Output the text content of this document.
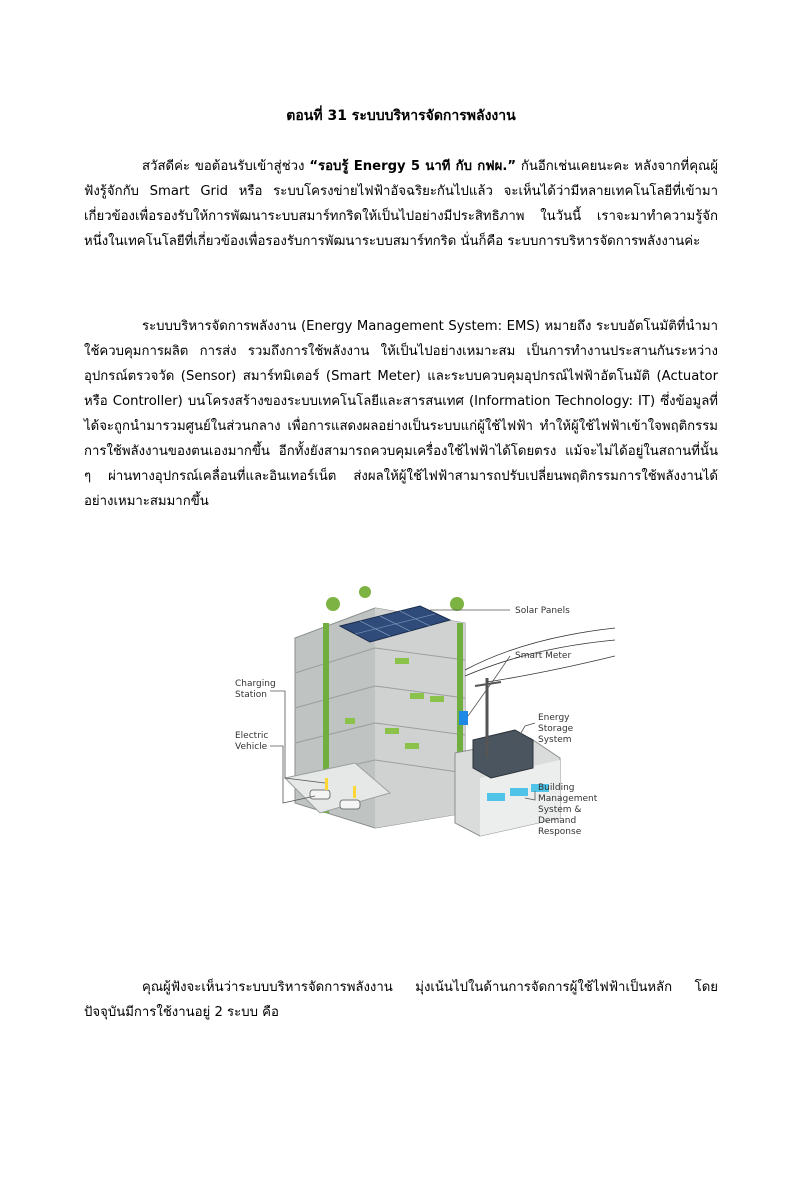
ตอนที่ 31 ระบบบริหารจัดการพลังงาน

สวัสดีค่ะ ขอต้อนรับเข้าสู่ช่วง “รอบรู้ Energy 5 นาที กับ กฟผ.” กันอีกเช่นเคยนะคะ หลังจากที่คุณผู้ฟังรู้จักกับ Smart Grid หรือ ระบบโครงข่ายไฟฟ้าอัจฉริยะกันไปแล้ว จะเห็นได้ว่ามีหลายเทคโนโลยีที่เข้ามาเกี่ยวข้องเพื่อรองรับให้การพัฒนาระบบสมาร์ทกริดให้เป็นไปอย่างมีประสิทธิภาพ ในวันนี้ เราจะมาทำความรู้จักหนึ่งในเทคโนโลยีที่เกี่ยวข้องเพื่อรองรับการพัฒนาระบบสมาร์ทกริด นั่นก็คือ ระบบการบริหารจัดการพลังงานค่ะ

ระบบบริหารจัดการพลังงาน (Energy Management System: EMS) หมายถึง ระบบอัตโนมัติที่นำมาใช้ควบคุมการผลิต การส่ง รวมถึงการใช้พลังงาน ให้เป็นไปอย่างเหมาะสม เป็นการทำงานประสานกันระหว่างอุปกรณ์ตรวจวัด (Sensor) สมาร์ทมิเตอร์ (Smart Meter) และระบบควบคุมอุปกรณ์ไฟฟ้าอัตโนมัติ (Actuator หรือ Controller) บนโครงสร้างของระบบเทคโนโลยีและสารสนเทศ (Information Technology: IT) ซึ่งข้อมูลที่ได้จะถูกนำมารวมศูนย์ในส่วนกลาง เพื่อการแสดงผลอย่างเป็นระบบแก่ผู้ใช้ไฟฟ้า ทำให้ผู้ใช้ไฟฟ้าเข้าใจพฤติกรรมการใช้พลังงานของตนเองมากขึ้น อีกทั้งยังสามารถควบคุมเครื่องใช้ไฟฟ้าได้โดยตรง แม้จะไม่ได้อยู่ในสถานที่นั้น ๆ ผ่านทางอุปกรณ์เคลื่อนที่และอินเทอร์เน็ต ส่งผลให้ผู้ใช้ไฟฟ้าสามารถปรับเปลี่ยนพฤติกรรมการใช้พลังงานได้อย่างเหมาะสมมากขึ้น

Solar Panels
Smart Meter
Charging
Station
Electric
Vehicle
Energy
Storage
System
Building
Management
System &
Demand
Response

คุณผู้ฟังจะเห็นว่าระบบบริหารจัดการพลังงาน มุ่งเน้นไปในด้านการจัดการผู้ใช้ไฟฟ้าเป็นหลัก โดยปัจจุบันมีการใช้งานอยู่ 2 ระบบ คือ
